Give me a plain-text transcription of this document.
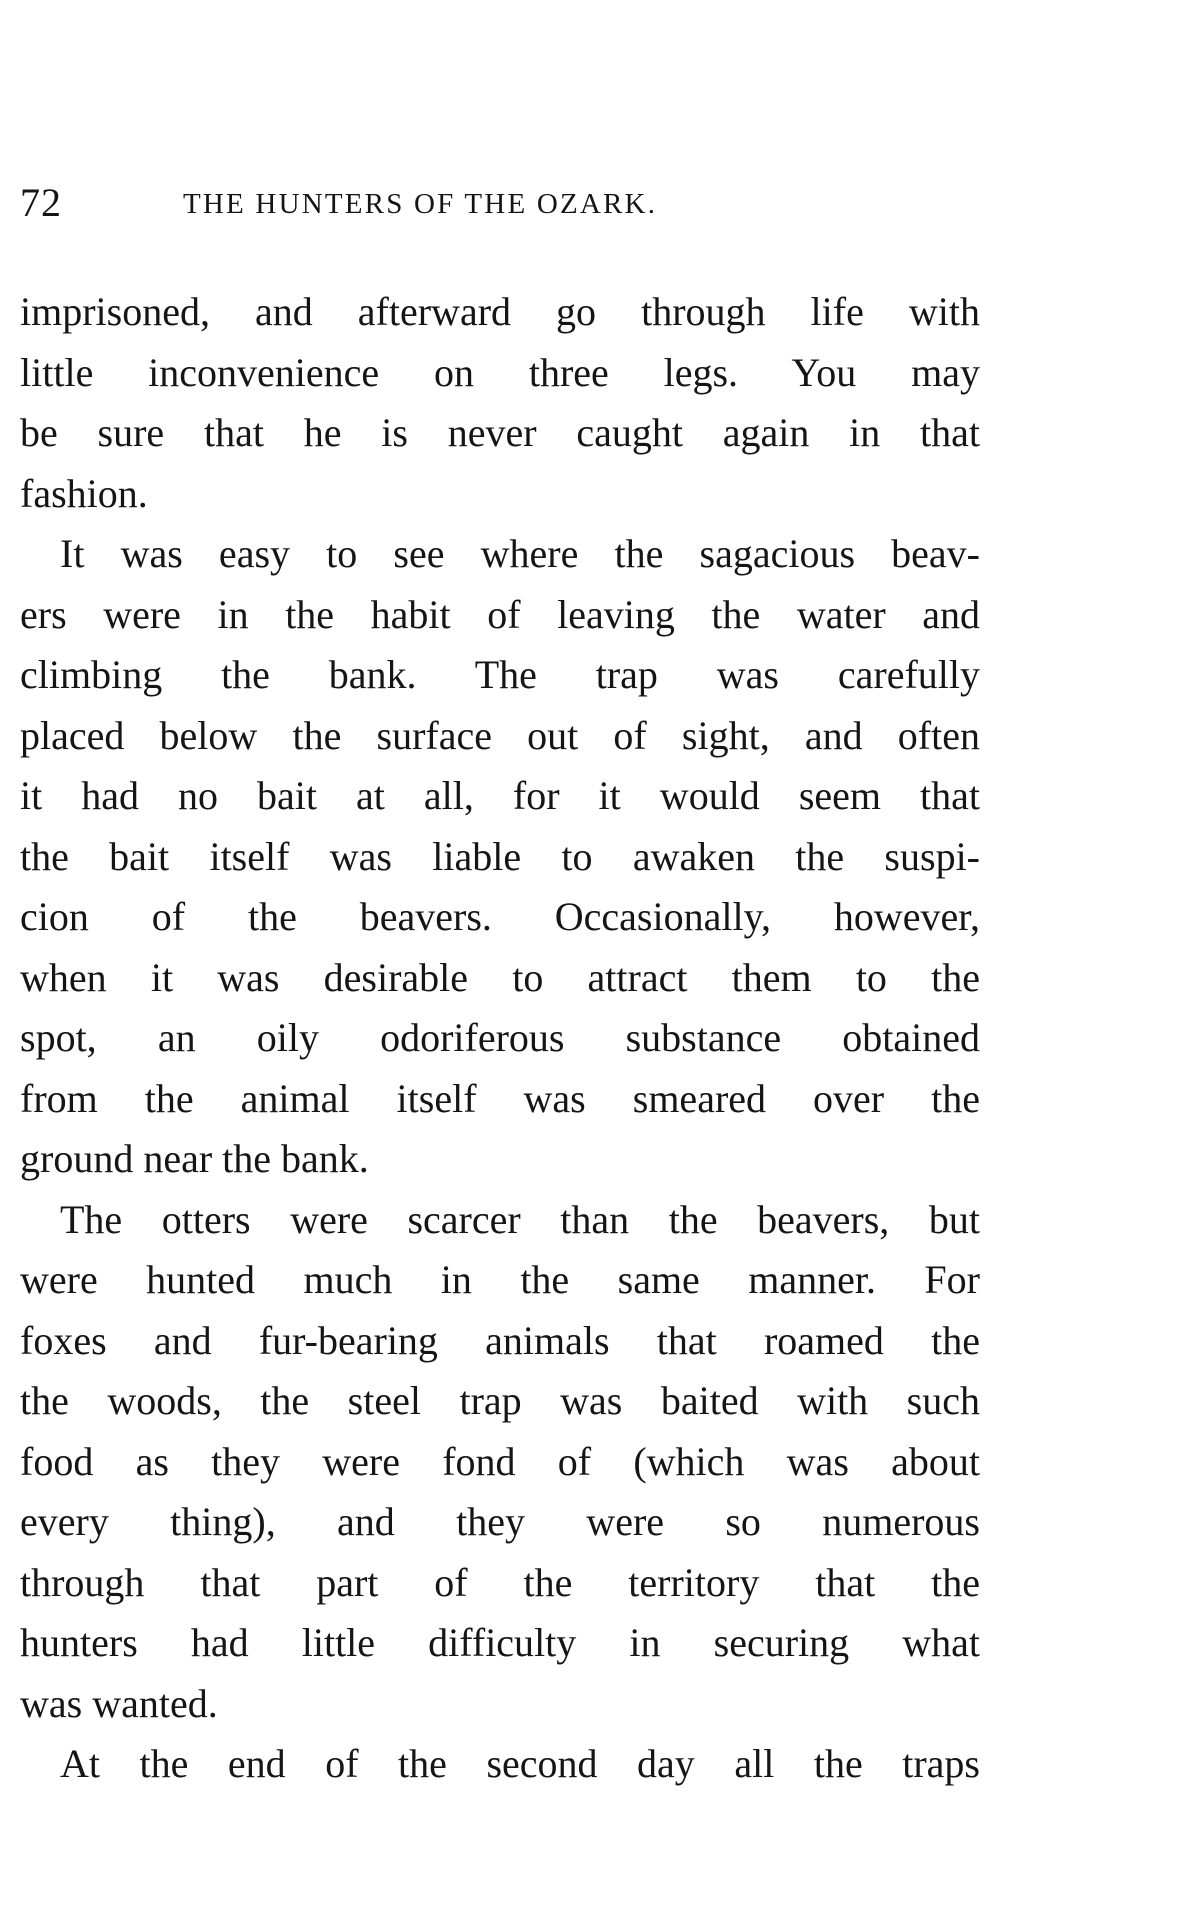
72	THE HUNTERS OF THE OZARK.
imprisoned, and afterward go through life with
little inconvenience on three legs. You may
be sure that he is never caught again in that
fashion.
It was easy to see where the sagacious beav-
ers were in the habit of leaving the water and
climbing the bank. The trap was carefully
placed below the surface out of sight, and often
it had no bait at all, for it would seem that
the bait itself was liable to awaken the suspi-
cion of the beavers. Occasionally, however,
when it was desirable to attract them to the
spot, an oily odoriferous substance obtained
from the animal itself was smeared over the
ground near the bank.
The otters were scarcer than the beavers, but
were hunted much in the same manner. For
foxes and fur-bearing animals that roamed the
the woods, the steel trap was baited with such
food as they were fond of (which was about
every thing), and they were so numerous
through that part of the territory that the
hunters had little difficulty in securing what
was wanted.
At the end of the second day all the traps
